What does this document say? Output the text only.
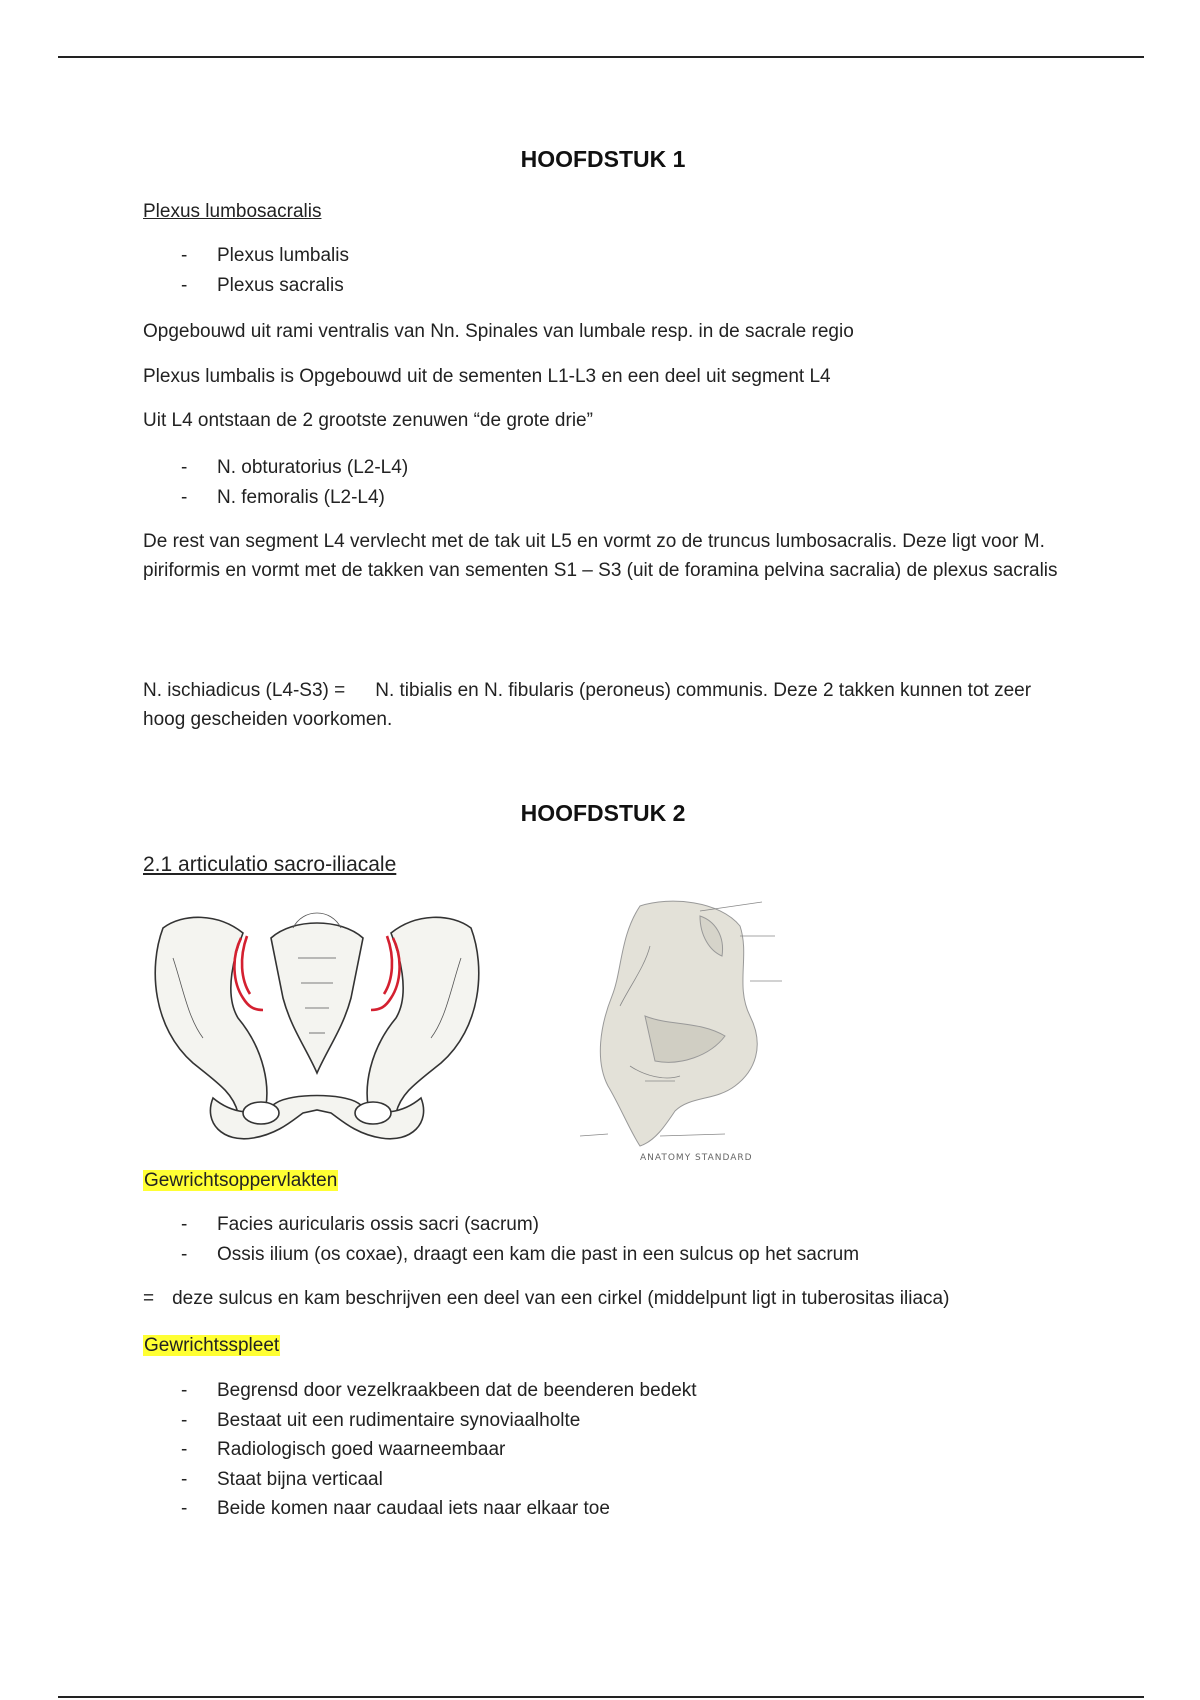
HOOFDSTUK 1
Plexus lumbosacralis
- Plexus lumbalis
- Plexus sacralis

Opgebouwd uit rami ventralis van Nn. Spinales van lumbale resp. in de sacrale regio

Plexus lumbalis is Opgebouwd uit de sementen L1-L3 en een deel uit segment L4

Uit L4 ontstaan de 2 grootste zenuwen “de grote drie”

- N. obturatorius (L2-L4)
- N. femoralis (L2-L4)

De rest van segment L4 vervlecht met de tak uit L5 en vormt zo de truncus lumbosacralis. Deze ligt voor M. piriformis en vormt met de takken van sementen S1 – S3 (uit de foramina pelvina sacralia) de plexus sacralis

N. ischiadicus (L4-S3) = N. tibialis en N. fibularis (peroneus) communis. Deze 2 takken kunnen tot zeer hoog gescheiden voorkomen.

HOOFDSTUK 2
2.1 articulatio sacro-iliacale
ANATOMY STANDARD
Gewrichtsoppervlakten
- Facies auricularis ossis sacri (sacrum)
- Ossis ilium (os coxae), draagt een kam die past in een sulcus op het sacrum

= deze sulcus en kam beschrijven een deel van een cirkel (middelpunt ligt in tuberositas iliaca)

Gewrichtsspleet
- Begrensd door vezelkraakbeen dat de beenderen bedekt
- Bestaat uit een rudimentaire synoviaalholte
- Radiologisch goed waarneembaar
- Staat bijna verticaal
- Beide komen naar caudaal iets naar elkaar toe
